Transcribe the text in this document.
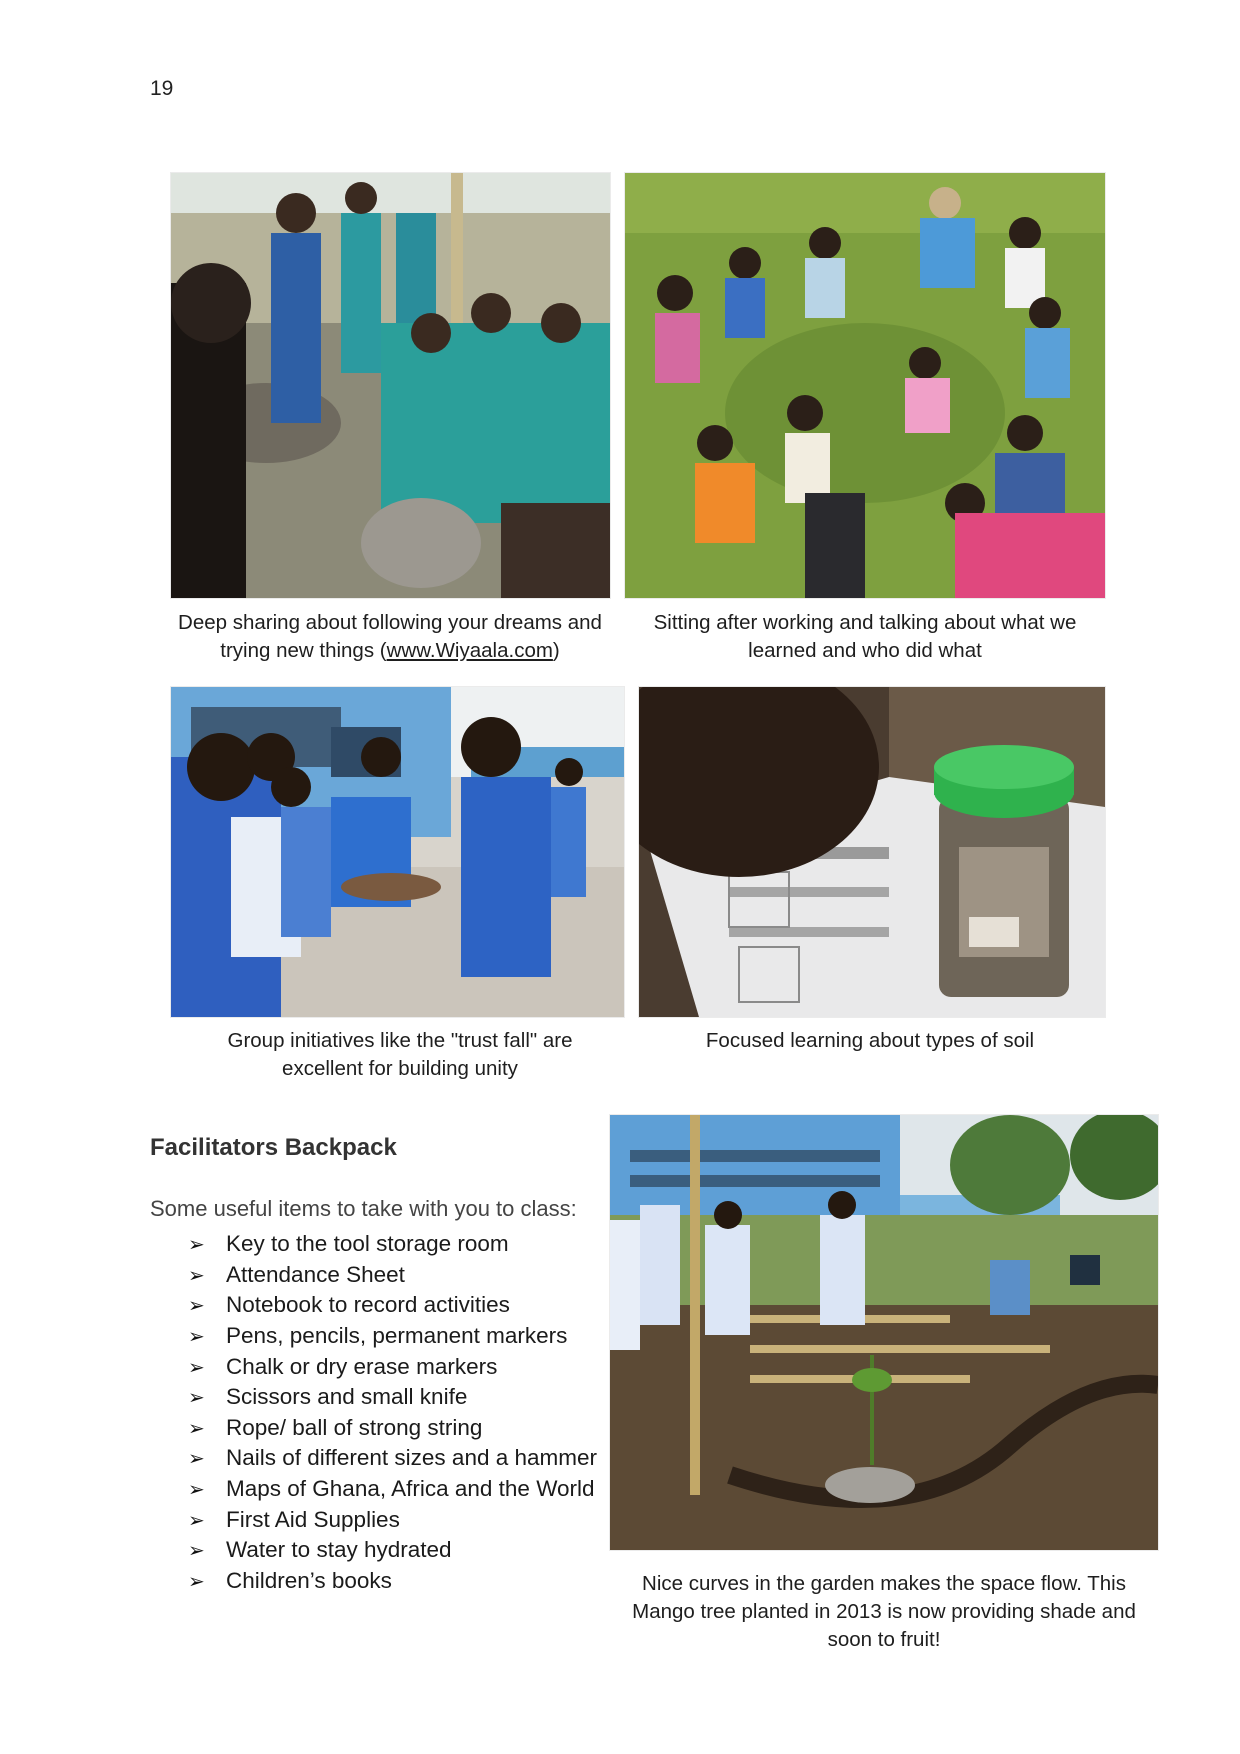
19
Deep sharing about following your dreams and
trying new things (www.Wiyaala.com)
Sitting after working and talking about what we learned and who did what
Group initiatives like the "trust fall" are excellent for building unity
Focused learning about types of soil
Facilitators Backpack
Some useful items to take with you to class:
➢ Key to the tool storage room
➢ Attendance Sheet
➢ Notebook to record activities
➢ Pens, pencils, permanent markers
➢ Chalk or dry erase markers
➢ Scissors and small knife
➢ Rope/ ball of strong string
➢ Nails of different sizes and a hammer
➢ Maps of Ghana, Africa and the World
➢ First Aid Supplies
➢ Water to stay hydrated
➢ Children’s books	Nice curves in the garden makes the space flow. This Mango tree planted in 2013 is now providing shade and soon to fruit!
